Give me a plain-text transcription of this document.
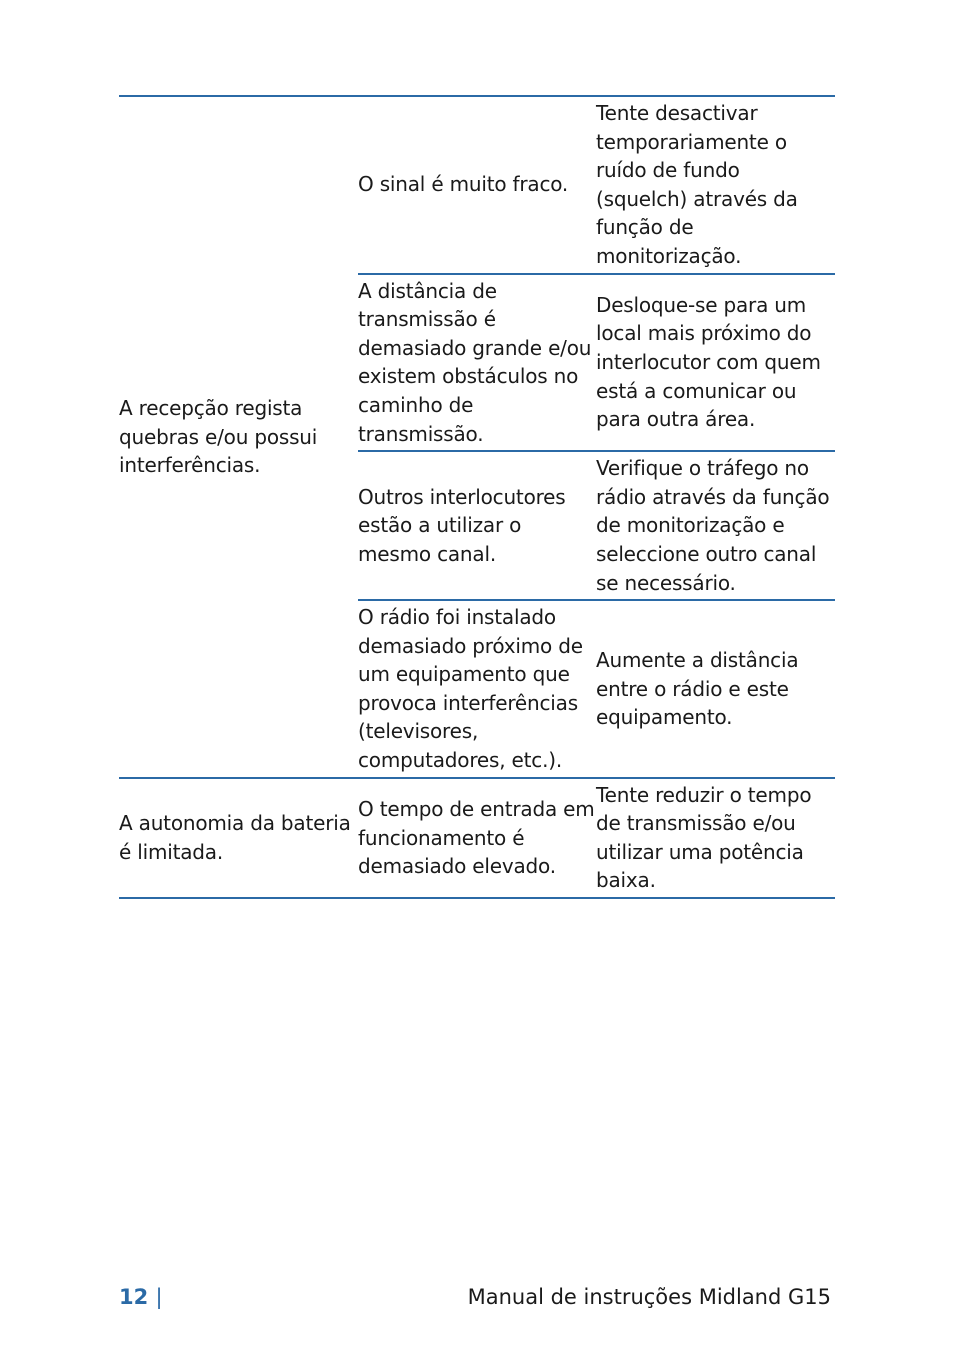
A recepção regista quebras e/ou possui interferências.	O sinal é muito fraco.	Tente desactivar temporariamente o ruído de fundo (squelch) através da função de monitorização.
	A distância de transmissão é demasiado grande e/ou existem obstáculos no caminho de transmissão.	Desloque-se para um local mais próximo do interlocutor com quem está a comunicar ou para outra área.
	Outros interlocutores estão a utilizar o mesmo canal.	Verifique o tráfego no rádio através da função de monitorização e seleccione outro canal se necessário.
	O rádio foi instalado demasiado próximo de um equipamento que provoca interferências (televisores, computadores, etc.).	Aumente a distância entre o rádio e este equipamento.
A autonomia da bateria é limitada.	O tempo de entrada em funcionamento é demasiado elevado.	Tente reduzir o tempo de transmissão e/ou utilizar uma potência baixa.
12 |	Manual de instruções Midland G15
